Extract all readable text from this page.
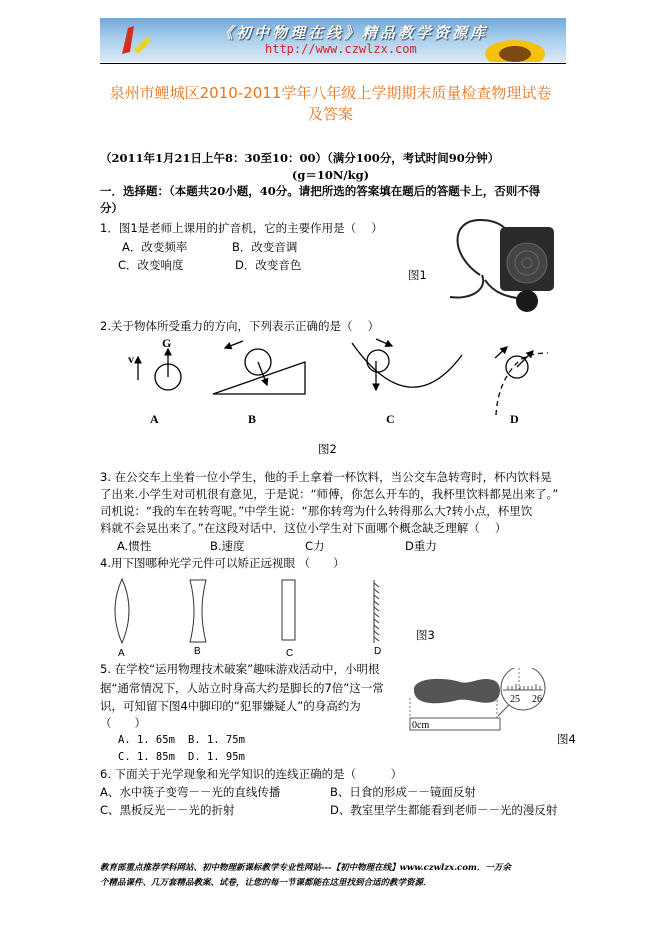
《初中物理在线》精品教学资源库
http://www.czwlzx.com
泉州市鲤城区2010-2011学年八年级上学期期末质量检查物理试卷
及答案
（2011年1月21日上午8：30至10：00）（满分100分，考试时间90分钟）
(g＝10N/kg)
一．选择题：（本题共20小题，40分。请把所选的答案填在题后的答题卡上，否则不得
分）
1．图1是老师上课用的扩音机，它的主要作用是（　 ）
A．改变频率	B．改变音调
C．改变响度	D．改变音色
图1
2.关于物体所受重力的方向，下列表示正确的是（　 ）
G
v
A	B	C	D
图2
3. 在公交车上坐着一位小学生，他的手上拿着一杯饮料，当公交车急转弯时，杯内饮料晃
了出来.小学生对司机很有意见，于是说：“师傅，你怎么开车的，我杯里饮料都晃出来了。”
司机说：“我的车在转弯呢。”中学生说：“那你转弯为什么转得那么大?转小点，杯里饮
料就不会晃出来了。”在这段对话中．这位小学生对下面哪个概念缺乏理解（　 ）
A.惯性	B.速度	C力	D重力
4.用下图哪种光学元件可以矫正远视眼 （　　）
A	B	C	D
图3
5. 在学校“运用物理技术破案”趣味游戏活动中，小明根
据“通常情况下，人站立时身高大约是脚长的7倍”这一常
识，可知留下图4中脚印的“犯罪嫌疑人”的身高约为
（　　）
A. 1. 65m B. 1. 75m
C. 1. 85m D. 1. 95m
0cm
25 26
图4
6. 下面关于光学现象和光学知识的连线正确的是（　　　）
A、水中筷子变弯－－光的直线传播	B、日食的形成－－镜面反射
C、黑板反光－－光的折射	D、教室里学生都能看到老师－－光的漫反射
教育部重点推荐学科网站、初中物理新课标教学专业性网站---【初中物理在线】www.czwlzx.com．一万余
个精品课件、几万套精品教案、试卷，让您的每一节课都能在这里找到合适的教学资源．
